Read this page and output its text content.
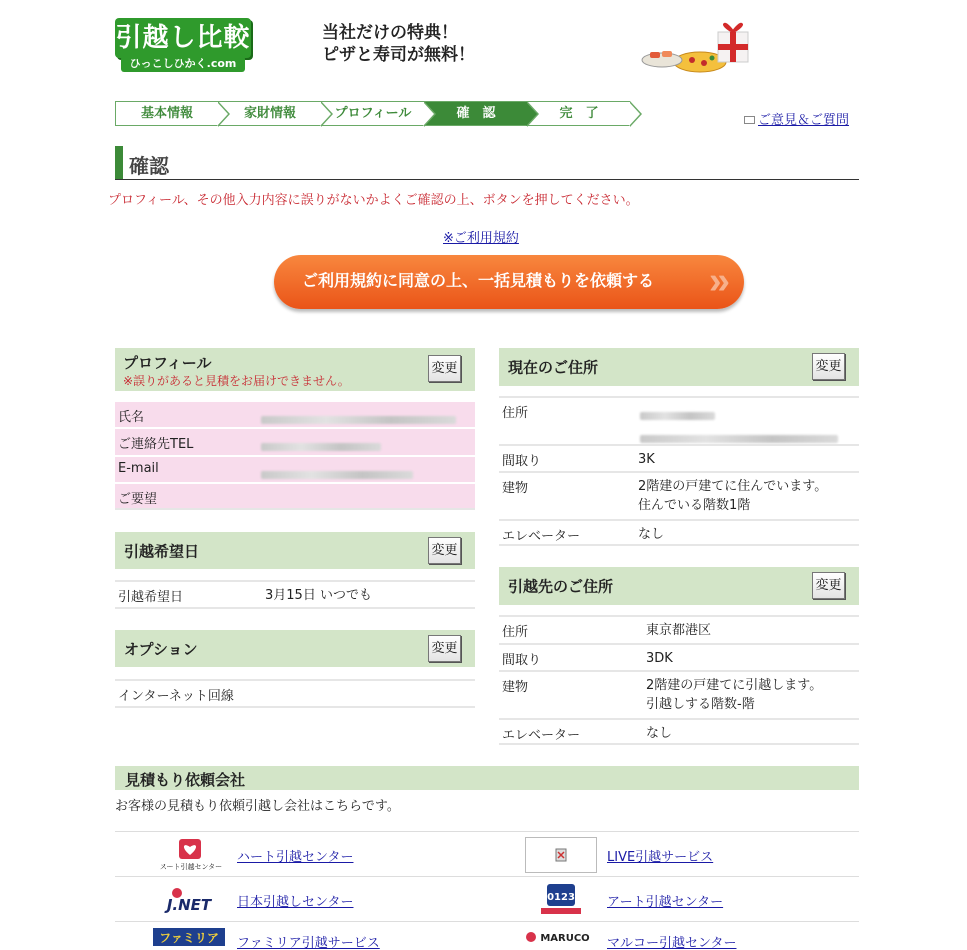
引越し比較
ひっこしひかく.com
当社だけの特典！
ピザと寿司が無料！
基本情報	家財情報	プロフィール	確　認	完　了	ご意見＆ご質問
確認
プロフィール、その他入力内容に誤りがないかよくご確認の上、ボタンを押してください。
※ご利用規約
ご利用規約に同意の上、一括見積もりを依頼する »
プロフィール
※誤りがあると見積をお届けできません。
変更
氏名
ご連絡先TEL
E-mail
ご要望
引越希望日	変更
引越希望日	3月15日 いつでも
オプション	変更
インターネット回線
現在のご住所	変更
住所

間取り	3K
建物	2階建の戸建てに住んでいます。
住んでいる階数1階
エレベーター	なし
引越先のご住所	変更
住所	東京都港区
間取り	3DK
建物	2階建の戸建てに引越します。
引越しする階数-階
エレベーター	なし
見積もり依頼会社
お客様の見積もり依頼引越し会社はこちらです。
スート引越センター
ハート引越センター	LIVE引越サービス
J.NET 日本引越しセンター	0123 アート引越センター
ファミリア ファミリア引越サービス	MARUCO マルコー引越センター
